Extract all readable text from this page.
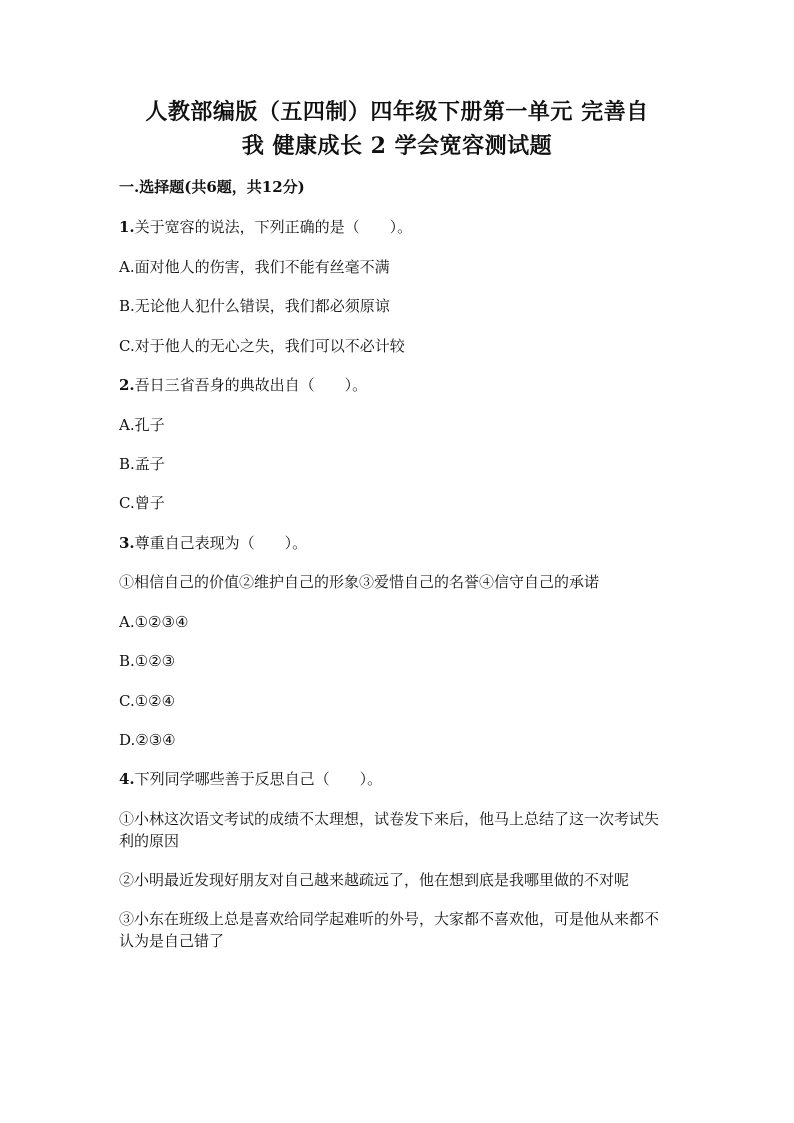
人教部编版（五四制）四年级下册第一单元 完善自
我 健康成长 2 学会宽容测试题
一.选择题(共6题，共12分)
1.关于宽容的说法，下列正确的是（　　）。
A.面对他人的伤害，我们不能有丝毫不满
B.无论他人犯什么错误，我们都必须原谅
C.对于他人的无心之失，我们可以不必计较
2.吾日三省吾身的典故出自（　　）。
A.孔子
B.孟子
C.曾子
3.尊重自己表现为（　　）。
①相信自己的价值②维护自己的形象③爱惜自己的名誉④信守自己的承诺
A.①②③④
B.①②③
C.①②④
D.②③④
4.下列同学哪些善于反思自己（　　）。
①小林这次语文考试的成绩不太理想，试卷发下来后，他马上总结了这一次考试失利的原因
②小明最近发现好朋友对自己越来越疏远了，他在想到底是我哪里做的不对呢
③小东在班级上总是喜欢给同学起难听的外号，大家都不喜欢他，可是他从来都不认为是自己错了
